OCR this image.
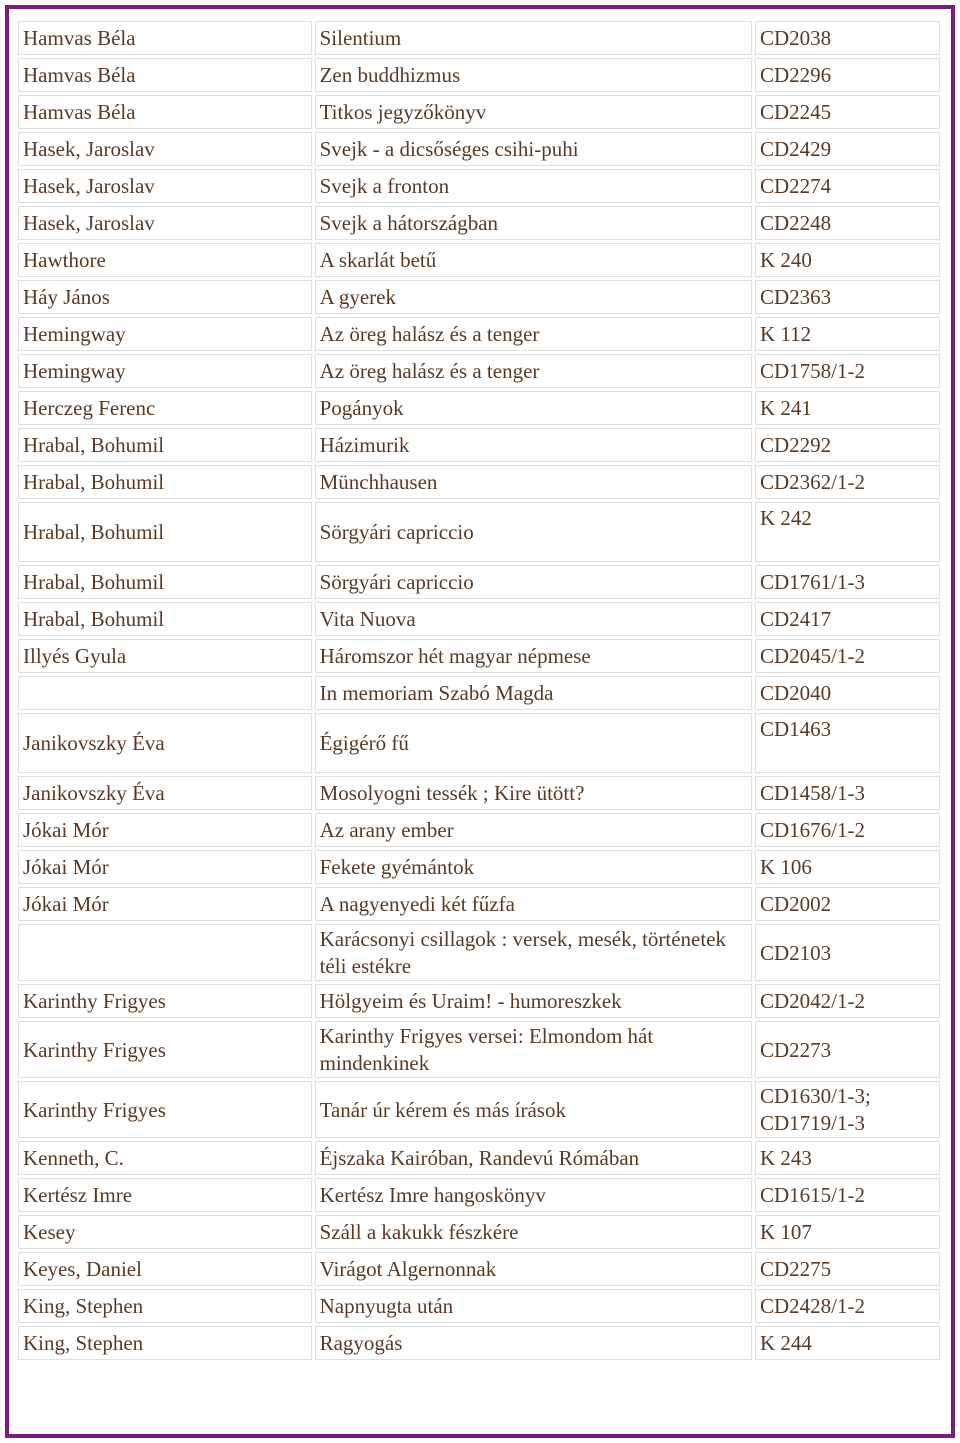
Hamvas Béla	Silentium	CD2038
Hamvas Béla	Zen buddhizmus	CD2296
Hamvas Béla	Titkos jegyzőkönyv	CD2245
Hasek, Jaroslav	Svejk - a dicsőséges csihi-puhi	CD2429
Hasek, Jaroslav	Svejk a fronton	CD2274
Hasek, Jaroslav	Svejk a hátországban	CD2248
Hawthore	A skarlát betű	K 240
Háy János	A gyerek	CD2363
Hemingway	Az öreg halász és a tenger	K 112
Hemingway	Az öreg halász és a tenger	CD1758/1-2
Herczeg Ferenc	Pogányok	K 241
Hrabal, Bohumil	Házimurik	CD2292
Hrabal, Bohumil	Münchhausen	CD2362/1-2
Hrabal, Bohumil	Sörgyári capriccio	K 242
Hrabal, Bohumil	Sörgyári capriccio	CD1761/1-3
Hrabal, Bohumil	Vita Nuova	CD2417
Illyés Gyula	Háromszor hét magyar népmese	CD2045/1-2
	In memoriam Szabó Magda	CD2040
Janikovszky Éva	Égigérő fű	CD1463
Janikovszky Éva	Mosolyogni tessék ; Kire ütött?	CD1458/1-3
Jókai Mór	Az arany ember	CD1676/1-2
Jókai Mór	Fekete gyémántok	K 106
Jókai Mór	A nagyenyedi két fűzfa	CD2002
	Karácsonyi csillagok : versek, mesék, történetek téli estékre	CD2103
Karinthy Frigyes	Hölgyeim és Uraim! - humoreszkek	CD2042/1-2
Karinthy Frigyes	Karinthy Frigyes versei: Elmondom hát mindenkinek	CD2273
Karinthy Frigyes	Tanár úr kérem és más írások	CD1630/1-3; CD1719/1-3
Kenneth, C.	Éjszaka Kairóban, Randevú Rómában	K 243
Kertész Imre	Kertész Imre hangoskönyv	CD1615/1-2
Kesey	Száll a kakukk fészkére	K 107
Keyes, Daniel	Virágot Algernonnak	CD2275
King, Stephen	Napnyugta után	CD2428/1-2
King, Stephen	Ragyogás	K 244
